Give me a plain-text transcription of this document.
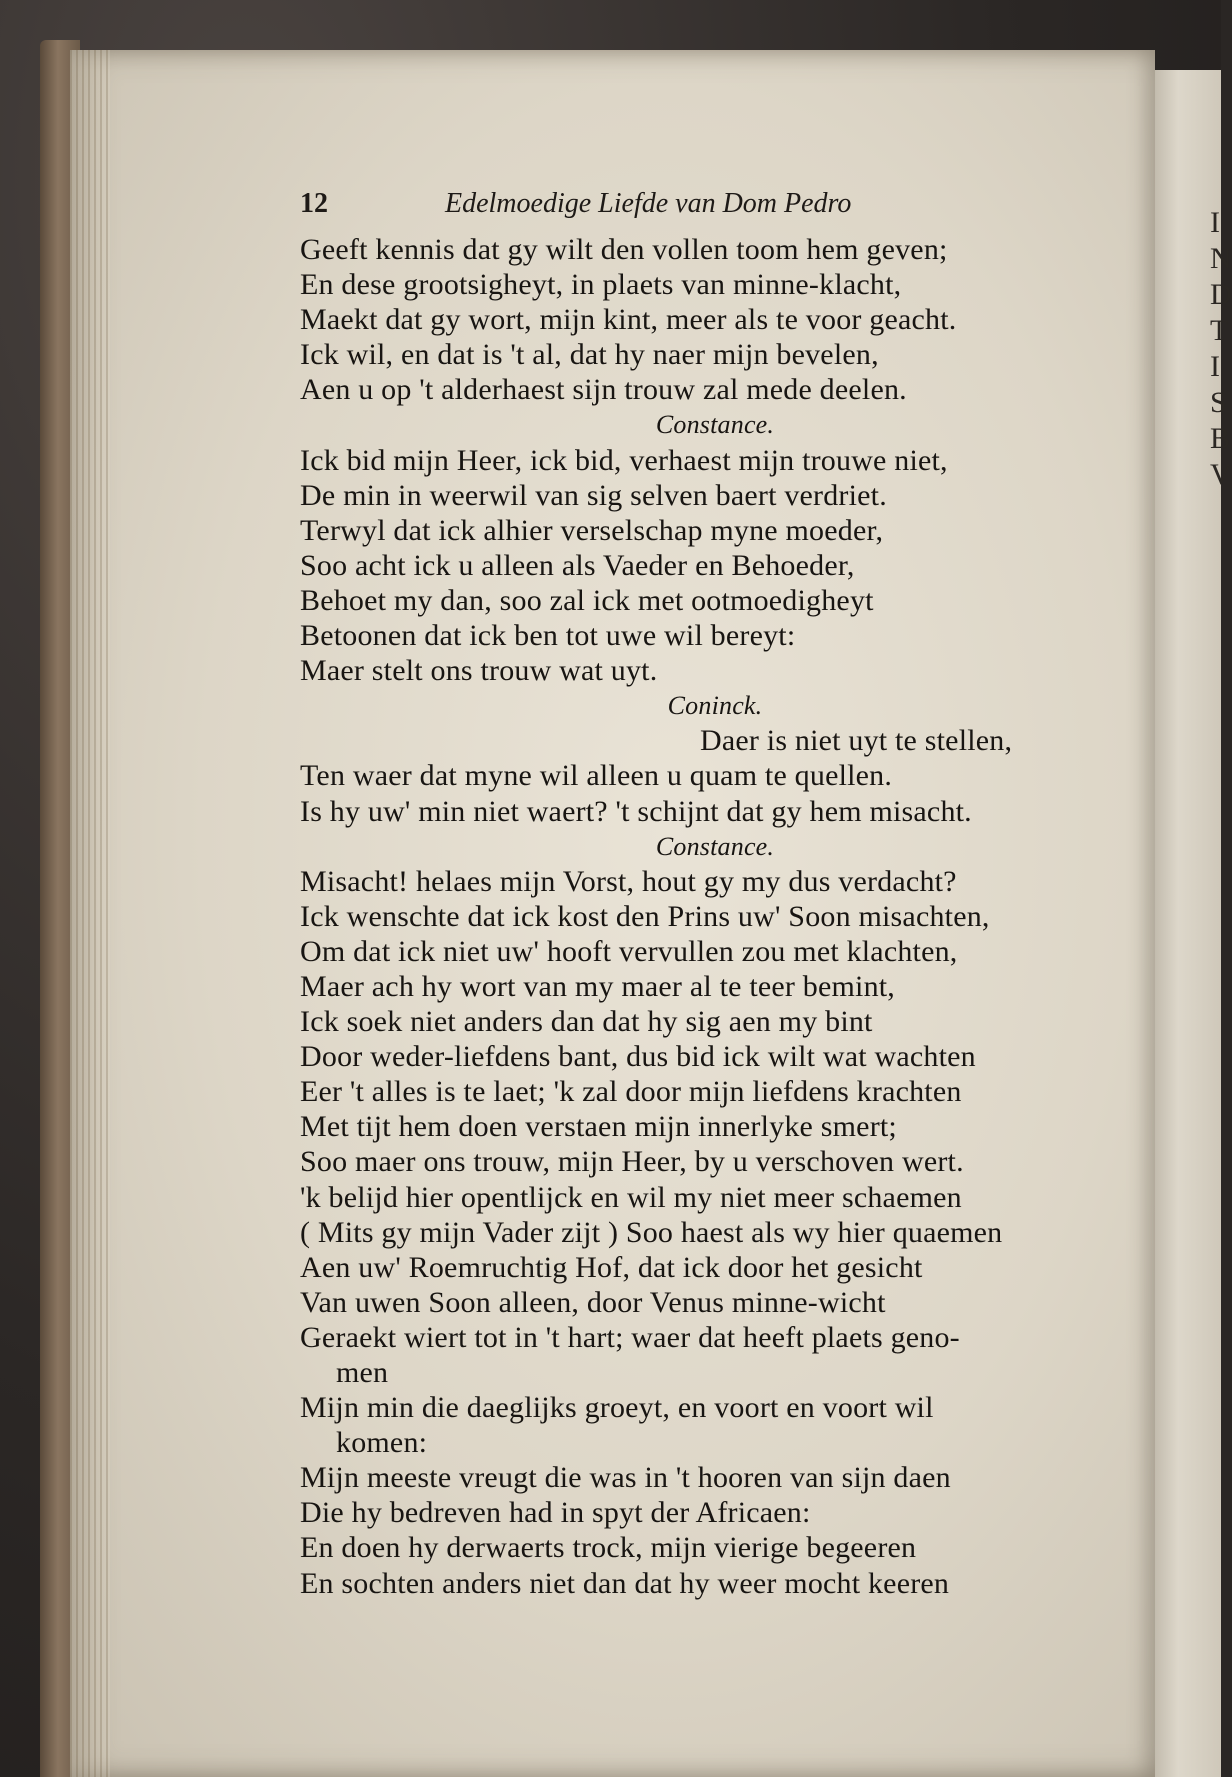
I
N
D
T
I
S
B
V
12	Edelmoedige Liefde van Dom Pedro
Geeft kennis dat gy wilt den vollen toom hem geven;
En dese grootsigheyt, in plaets van minne-klacht,
Maekt dat gy wort, mijn kint, meer als te voor geacht.
Ick wil, en dat is 't al, dat hy naer mijn bevelen,
Aen u op 't alderhaest sijn trouw zal mede deelen.
Constance.
Ick bid mijn Heer, ick bid, verhaest mijn trouwe niet,
De min in weerwil van sig selven baert verdriet.
Terwyl dat ick alhier verselschap myne moeder,
Soo acht ick u alleen als Vaeder en Behoeder,
Behoet my dan, soo zal ick met ootmoedigheyt
Betoonen dat ick ben tot uwe wil bereyt:
Maer stelt ons trouw wat uyt.
Coninck.
Daer is niet uyt te stellen,
Ten waer dat myne wil alleen u quam te quellen.
Is hy uw' min niet waert? 't schijnt dat gy hem misacht.
Constance.
Misacht! helaes mijn Vorst, hout gy my dus verdacht?
Ick wenschte dat ick kost den Prins uw' Soon misachten,
Om dat ick niet uw' hooft vervullen zou met klachten,
Maer ach hy wort van my maer al te teer bemint,
Ick soek niet anders dan dat hy sig aen my bint
Door weder-liefdens bant, dus bid ick wilt wat wachten
Eer 't alles is te laet; 'k zal door mijn liefdens krachten
Met tijt hem doen verstaen mijn innerlyke smert;
Soo maer ons trouw, mijn Heer, by u verschoven wert.
'k belijd hier opentlijck en wil my niet meer schaemen
( Mits gy mijn Vader zijt ) Soo haest als wy hier quaemen
Aen uw' Roemruchtig Hof, dat ick door het gesicht
Van uwen Soon alleen, door Venus minne-wicht
Geraekt wiert tot in 't hart; waer dat heeft plaets geno-
men
Mijn min die daeglijks groeyt, en voort en voort wil
komen:
Mijn meeste vreugt die was in 't hooren van sijn daen
Die hy bedreven had in spyt der Africaen:
En doen hy derwaerts trock, mijn vierige begeeren
En sochten anders niet dan dat hy weer mocht keeren
